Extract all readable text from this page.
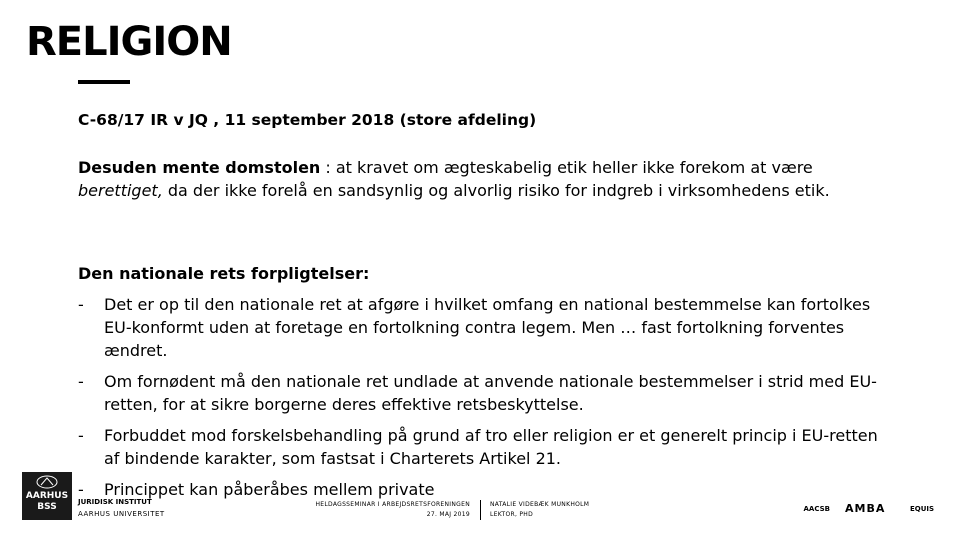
RELIGION
C-68/17 IR v JQ , 11 september 2018 (store afdeling)
Desuden mente domstolen : at kravet om ægteskabelig etik heller ikke forekom at være berettiget, da der ikke forelå en sandsynlig og alvorlig risiko for indgreb i virksomhedens etik.
Den nationale rets forpligtelser:
- Det er op til den nationale ret at afgøre i hvilket omfang en national bestemmelse kan fortolkes EU-konformt uden at foretage en fortolkning contra legem. Men … fast fortolkning forventes ændret.
- Om fornødent må den nationale ret undlade at anvende nationale bestemmelser i strid med EU-retten, for at sikre borgerne deres effektive retsbeskyttelse.
- Forbuddet mod forskelsbehandling på grund af tro eller religion er et generelt princip i EU-retten af bindende karakter, som fastsat i Charterets Artikel 21.
- Princippet kan påberåbes mellem private
AARHUS
BSS	JURIDISK INSTITUT
AARHUS UNIVERSITET
HELDAGSSEMINAR I ARBEJDSRETSFORENINGEN
27. MAJ 2019
NATALIE VIDEBÆK MUNKHOLM
LEKTOR, PHD
AACSB AMBA	EQUIS
